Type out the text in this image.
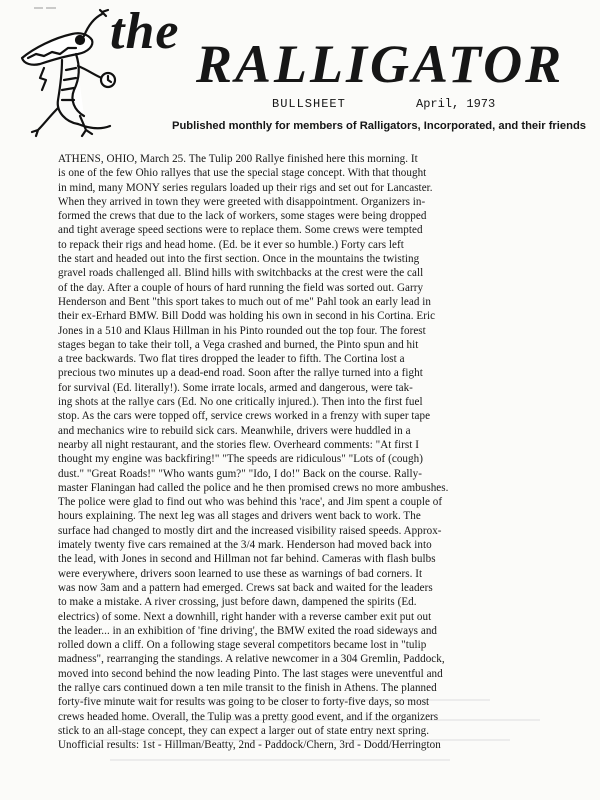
the
RALLIGATOR
BULLSHEET	April, 1973
Published monthly for members of Ralligators, Incorporated, and their friends
ATHENS, OHIO, March 25. The Tulip 200 Rallye finished here this morning. It
is one of the few Ohio rallyes that use the special stage concept. With that thought
in mind, many MONY series regulars loaded up their rigs and set out for Lancaster.
When they arrived in town they were greeted with disappointment. Organizers in-
formed the crews that due to the lack of workers, some stages were being dropped
and tight average speed sections were to replace them. Some crews were tempted
to repack their rigs and head home. (Ed. be it ever so humble.) Forty cars left
the start and headed out into the first section. Once in the mountains the twisting
gravel roads challenged all. Blind hills with switchbacks at the crest were the call
of the day. After a couple of hours of hard running the field was sorted out. Garry
Henderson and Bent "this sport takes to much out of me" Pahl took an early lead in
their ex-Erhard BMW. Bill Dodd was holding his own in second in his Cortina. Eric
Jones in a 510 and Klaus Hillman in his Pinto rounded out the top four. The forest
stages began to take their toll, a Vega crashed and burned, the Pinto spun and hit
a tree backwards. Two flat tires dropped the leader to fifth. The Cortina lost a
precious two minutes up a dead-end road. Soon after the rallye turned into a fight
for survival (Ed. literally!). Some irrate locals, armed and dangerous, were tak-
ing shots at the rallye cars (Ed. No one critically injured.). Then into the first fuel
stop. As the cars were topped off, service crews worked in a frenzy with super tape
and mechanics wire to rebuild sick cars. Meanwhile, drivers were huddled in a
nearby all night restaurant, and the stories flew. Overheard comments: "At first I
thought my engine was backfiring!" "The speeds are ridiculous" "Lots of (cough)
dust." "Great Roads!" "Who wants gum?" "Ido, I do!" Back on the course. Rally-
master Flaningan had called the police and he then promised crews no more ambushes.
The police were glad to find out who was behind this 'race', and Jim spent a couple of
hours explaining. The next leg was all stages and drivers went back to work. The
surface had changed to mostly dirt and the increased visibility raised speeds. Approx-
imately twenty five cars remained at the 3/4 mark. Henderson had moved back into
the lead, with Jones in second and Hillman not far behind. Cameras with flash bulbs
were everywhere, drivers soon learned to use these as warnings of bad corners. It
was now 3am and a pattern had emerged. Crews sat back and waited for the leaders
to make a mistake. A river crossing, just before dawn, dampened the spirits (Ed.
electrics) of some. Next a downhill, right hander with a reverse camber exit put out
the leader... in an exhibition of 'fine driving', the BMW exited the road sideways and
rolled down a cliff. On a following stage several competitors became lost in "tulip
madness", rearranging the standings. A relative newcomer in a 304 Gremlin, Paddock,
moved into second behind the now leading Pinto. The last stages were uneventful and
the rallye cars continued down a ten mile transit to the finish in Athens. The planned
forty-five minute wait for results was going to be closer to forty-five days, so most
crews headed home. Overall, the Tulip was a pretty good event, and if the organizers
stick to an all-stage concept, they can expect a larger out of state entry next spring.
Unofficial results: 1st - Hillman/Beatty, 2nd - Paddock/Chern, 3rd - Dodd/Herrington
